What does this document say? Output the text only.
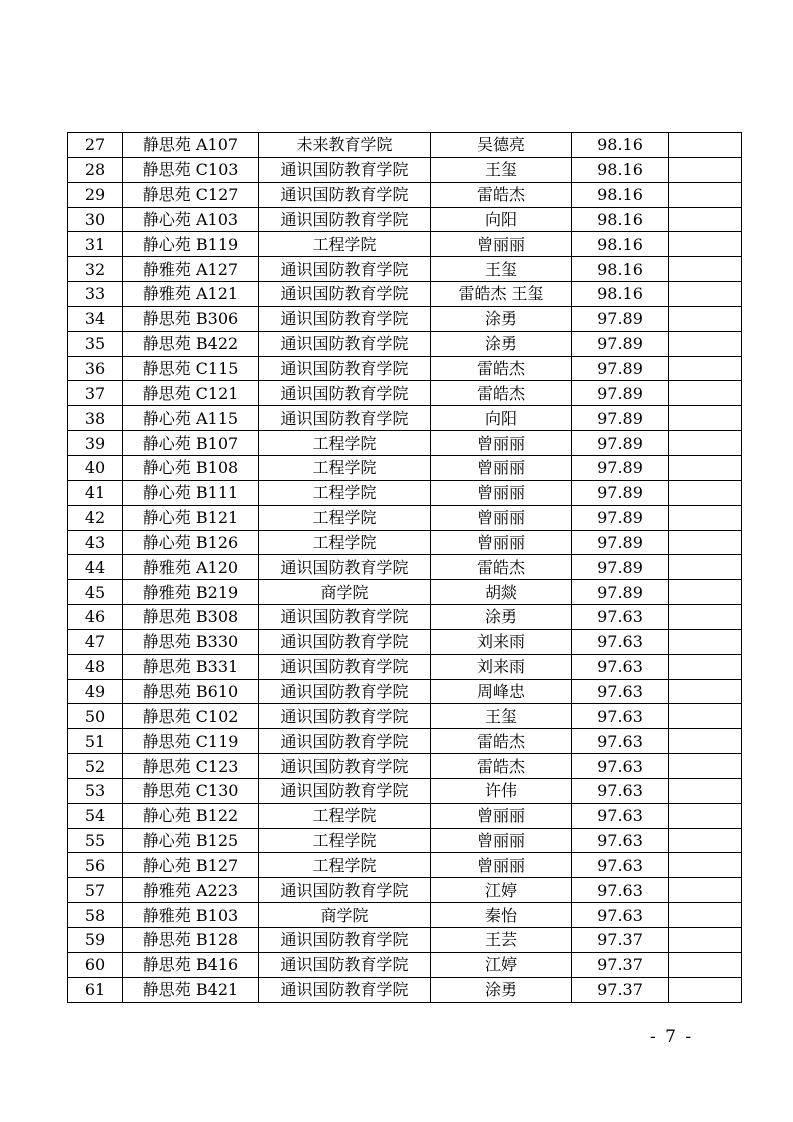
27	静思苑 A107	未来教育学院	吴德亮	98.16	
28	静思苑 C103	通识国防教育学院	王玺	98.16	
29	静思苑 C127	通识国防教育学院	雷皓杰	98.16	
30	静心苑 A103	通识国防教育学院	向阳	98.16	
31	静心苑 B119	工程学院	曾丽丽	98.16	
32	静雅苑 A127	通识国防教育学院	王玺	98.16	
33	静雅苑 A121	通识国防教育学院	雷皓杰 王玺	98.16	
34	静思苑 B306	通识国防教育学院	涂勇	97.89	
35	静思苑 B422	通识国防教育学院	涂勇	97.89	
36	静思苑 C115	通识国防教育学院	雷皓杰	97.89	
37	静思苑 C121	通识国防教育学院	雷皓杰	97.89	
38	静心苑 A115	通识国防教育学院	向阳	97.89	
39	静心苑 B107	工程学院	曾丽丽	97.89	
40	静心苑 B108	工程学院	曾丽丽	97.89	
41	静心苑 B111	工程学院	曾丽丽	97.89	
42	静心苑 B121	工程学院	曾丽丽	97.89	
43	静心苑 B126	工程学院	曾丽丽	97.89	
44	静雅苑 A120	通识国防教育学院	雷皓杰	97.89	
45	静雅苑 B219	商学院	胡燚	97.89	
46	静思苑 B308	通识国防教育学院	涂勇	97.63	
47	静思苑 B330	通识国防教育学院	刘来雨	97.63	
48	静思苑 B331	通识国防教育学院	刘来雨	97.63	
49	静思苑 B610	通识国防教育学院	周峰忠	97.63	
50	静思苑 C102	通识国防教育学院	王玺	97.63	
51	静思苑 C119	通识国防教育学院	雷皓杰	97.63	
52	静思苑 C123	通识国防教育学院	雷皓杰	97.63	
53	静思苑 C130	通识国防教育学院	许伟	97.63	
54	静心苑 B122	工程学院	曾丽丽	97.63	
55	静心苑 B125	工程学院	曾丽丽	97.63	
56	静心苑 B127	工程学院	曾丽丽	97.63	
57	静雅苑 A223	通识国防教育学院	江婷	97.63	
58	静雅苑 B103	商学院	秦怡	97.63	
59	静思苑 B128	通识国防教育学院	王芸	97.37	
60	静思苑 B416	通识国防教育学院	江婷	97.37	
61	静思苑 B421	通识国防教育学院	涂勇	97.37	
- 7 -
